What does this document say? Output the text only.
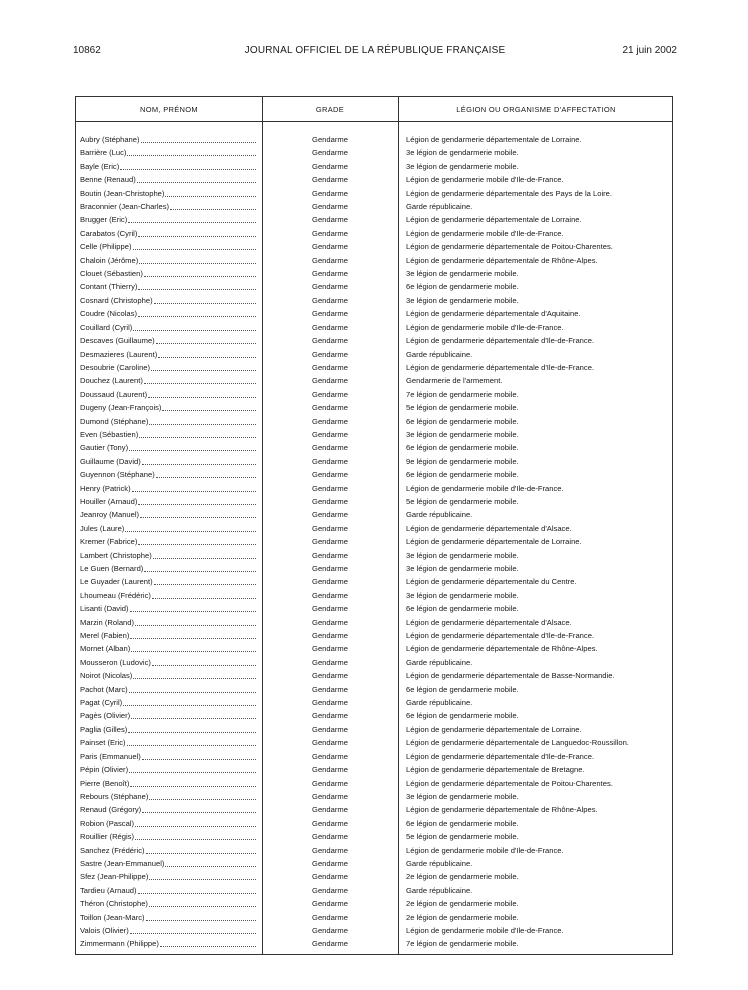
10862	JOURNAL OFFICIEL DE LA RÉPUBLIQUE FRANÇAISE	21 juin 2002
NOM, PRÉNOM	GRADE	LÉGION OU ORGANISME D'AFFECTATION
Aubry (Stéphane)	Gendarme	Légion de gendarmerie départementale de Lorraine.
Barrière (Luc)	Gendarme	3e légion de gendarmerie mobile.
Bayle (Eric)	Gendarme	3e légion de gendarmerie mobile.
Benne (Renaud)	Gendarme	Légion de gendarmerie mobile d'Ile-de-France.
Boutin (Jean-Christophe)	Gendarme	Légion de gendarmerie départementale des Pays de la Loire.
Braconnier (Jean-Charles)	Gendarme	Garde républicaine.
Brugger (Eric)	Gendarme	Légion de gendarmerie départementale de Lorraine.
Carabatos (Cyril)	Gendarme	Légion de gendarmerie mobile d'Ile-de-France.
Celle (Philippe)	Gendarme	Légion de gendarmerie départementale de Poitou-Charentes.
Chaloin (Jérôme)	Gendarme	Légion de gendarmerie départementale de Rhône-Alpes.
Clouet (Sébastien)	Gendarme	3e légion de gendarmerie mobile.
Contant (Thierry)	Gendarme	6e légion de gendarmerie mobile.
Cosnard (Christophe)	Gendarme	3e légion de gendarmerie mobile.
Coudre (Nicolas)	Gendarme	Légion de gendarmerie départementale d'Aquitaine.
Couillard (Cyril)	Gendarme	Légion de gendarmerie mobile d'Ile-de-France.
Descaves (Guillaume)	Gendarme	Légion de gendarmerie départementale d'Ile-de-France.
Desmazieres (Laurent)	Gendarme	Garde républicaine.
Desoubrie (Caroline)	Gendarme	Légion de gendarmerie départementale d'Ile-de-France.
Douchez (Laurent)	Gendarme	Gendarmerie de l'armement.
Doussaud (Laurent)	Gendarme	7e légion de gendarmerie mobile.
Dugeny (Jean-François)	Gendarme	5e légion de gendarmerie mobile.
Dumond (Stéphane)	Gendarme	6e légion de gendarmerie mobile.
Even (Sébastien)	Gendarme	3e légion de gendarmerie mobile.
Gautier (Tony)	Gendarme	6e légion de gendarmerie mobile.
Guillaume (David)	Gendarme	9e légion de gendarmerie mobile.
Guyennon (Stéphane)	Gendarme	6e légion de gendarmerie mobile.
Henry (Patrick)	Gendarme	Légion de gendarmerie mobile d'Ile-de-France.
Houiller (Arnaud)	Gendarme	5e légion de gendarmerie mobile.
Jeanroy (Manuel)	Gendarme	Garde républicaine.
Jules (Laure)	Gendarme	Légion de gendarmerie départementale d'Alsace.
Kremer (Fabrice)	Gendarme	Légion de gendarmerie départementale de Lorraine.
Lambert (Christophe)	Gendarme	3e légion de gendarmerie mobile.
Le Guen (Bernard)	Gendarme	3e légion de gendarmerie mobile.
Le Guyader (Laurent)	Gendarme	Légion de gendarmerie départementale du Centre.
Lhoumeau (Frédéric)	Gendarme	3e légion de gendarmerie mobile.
Lisanti (David)	Gendarme	6e légion de gendarmerie mobile.
Marzin (Roland)	Gendarme	Légion de gendarmerie départementale d'Alsace.
Merel (Fabien)	Gendarme	Légion de gendarmerie départementale d'Ile-de-France.
Mornet (Alban)	Gendarme	Légion de gendarmerie départementale de Rhône-Alpes.
Mousseron (Ludovic)	Gendarme	Garde républicaine.
Noirot (Nicolas)	Gendarme	Légion de gendarmerie départementale de Basse-Normandie.
Pachot (Marc)	Gendarme	6e légion de gendarmerie mobile.
Pagat (Cyril)	Gendarme	Garde républicaine.
Pagès (Olivier)	Gendarme	6e légion de gendarmerie mobile.
Paglia (Gilles)	Gendarme	Légion de gendarmerie départementale de Lorraine.
Painset (Eric)	Gendarme	Légion de gendarmerie départementale de Languedoc-Roussillon.
Paris (Emmanuel)	Gendarme	Légion de gendarmerie départementale d'Ile-de-France.
Pépin (Olivier)	Gendarme	Légion de gendarmerie départementale de Bretagne.
Pierre (Benoît)	Gendarme	Légion de gendarmerie départementale de Poitou-Charentes.
Rebours (Stéphane)	Gendarme	3e légion de gendarmerie mobile.
Renaud (Grégory)	Gendarme	Légion de gendarmerie départementale de Rhône-Alpes.
Robion (Pascal)	Gendarme	6e légion de gendarmerie mobile.
Rouillier (Régis)	Gendarme	5e légion de gendarmerie mobile.
Sanchez (Frédéric)	Gendarme	Légion de gendarmerie mobile d'Ile-de-France.
Sastre (Jean-Emmanuel)	Gendarme	Garde républicaine.
Sfez (Jean-Philippe)	Gendarme	2e légion de gendarmerie mobile.
Tardieu (Arnaud)	Gendarme	Garde républicaine.
Théron (Christophe)	Gendarme	2e légion de gendarmerie mobile.
Toillon (Jean-Marc)	Gendarme	2e légion de gendarmerie mobile.
Valois (Olivier)	Gendarme	Légion de gendarmerie mobile d'Ile-de-France.
Zimmermann (Philippe)	Gendarme	7e légion de gendarmerie mobile.
